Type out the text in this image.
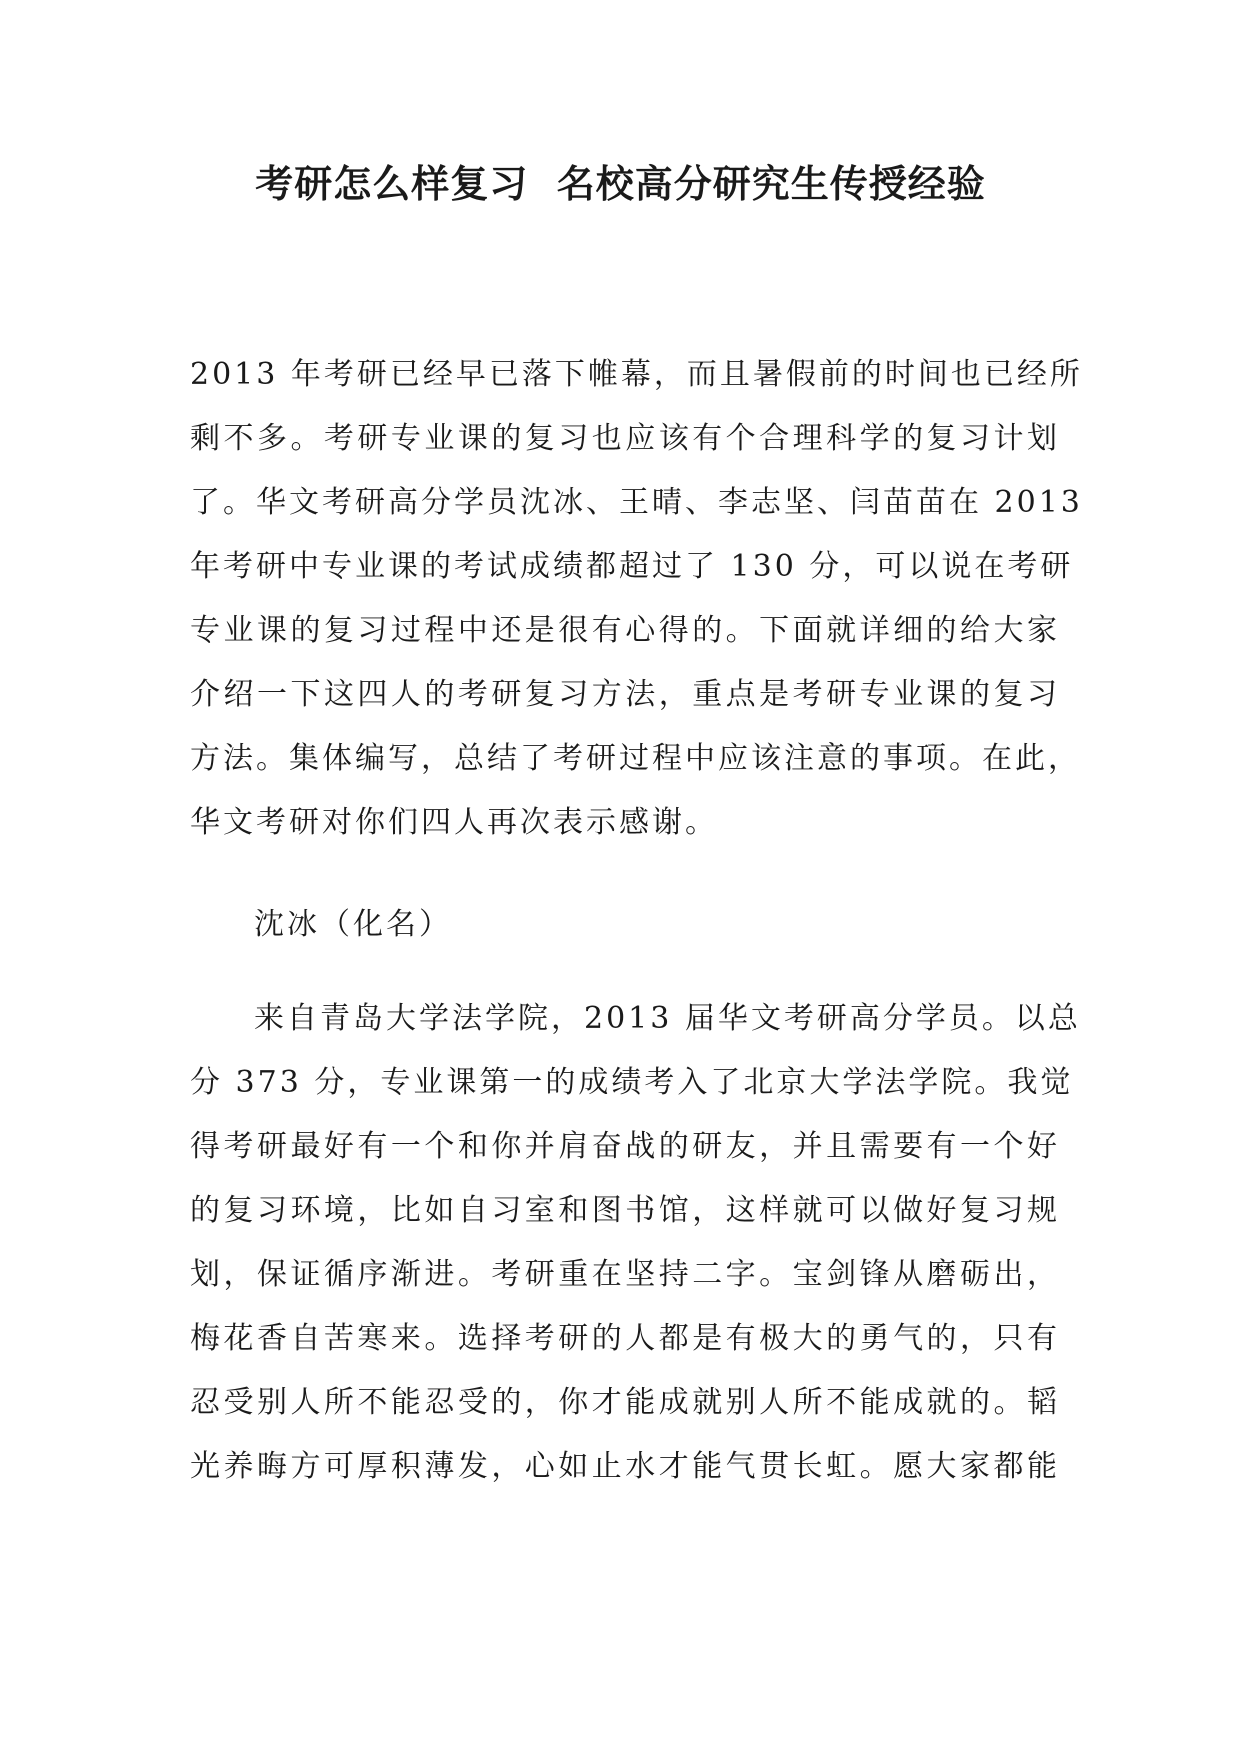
考研怎么样复习  名校高分研究生传授经验
2013 年考研已经早已落下帷幕，而且暑假前的时间也已经所
剩不多。考研专业课的复习也应该有个合理科学的复习计划
了。华文考研高分学员沈冰、王晴、李志坚、闫苗苗在 2013
年考研中专业课的考试成绩都超过了 130 分，可以说在考研
专业课的复习过程中还是很有心得的。下面就详细的给大家
介绍一下这四人的考研复习方法，重点是考研专业课的复习
方法。集体编写，总结了考研过程中应该注意的事项。在此，
华文考研对你们四人再次表示感谢。
沈冰（化名）
来自青岛大学法学院，2013 届华文考研高分学员。以总
分 373 分，专业课第一的成绩考入了北京大学法学院。我觉
得考研最好有一个和你并肩奋战的研友，并且需要有一个好
的复习环境，比如自习室和图书馆，这样就可以做好复习规
划，保证循序渐进。考研重在坚持二字。宝剑锋从磨砺出，
梅花香自苦寒来。选择考研的人都是有极大的勇气的，只有
忍受别人所不能忍受的，你才能成就别人所不能成就的。韬
光养晦方可厚积薄发，心如止水才能气贯长虹。愿大家都能
